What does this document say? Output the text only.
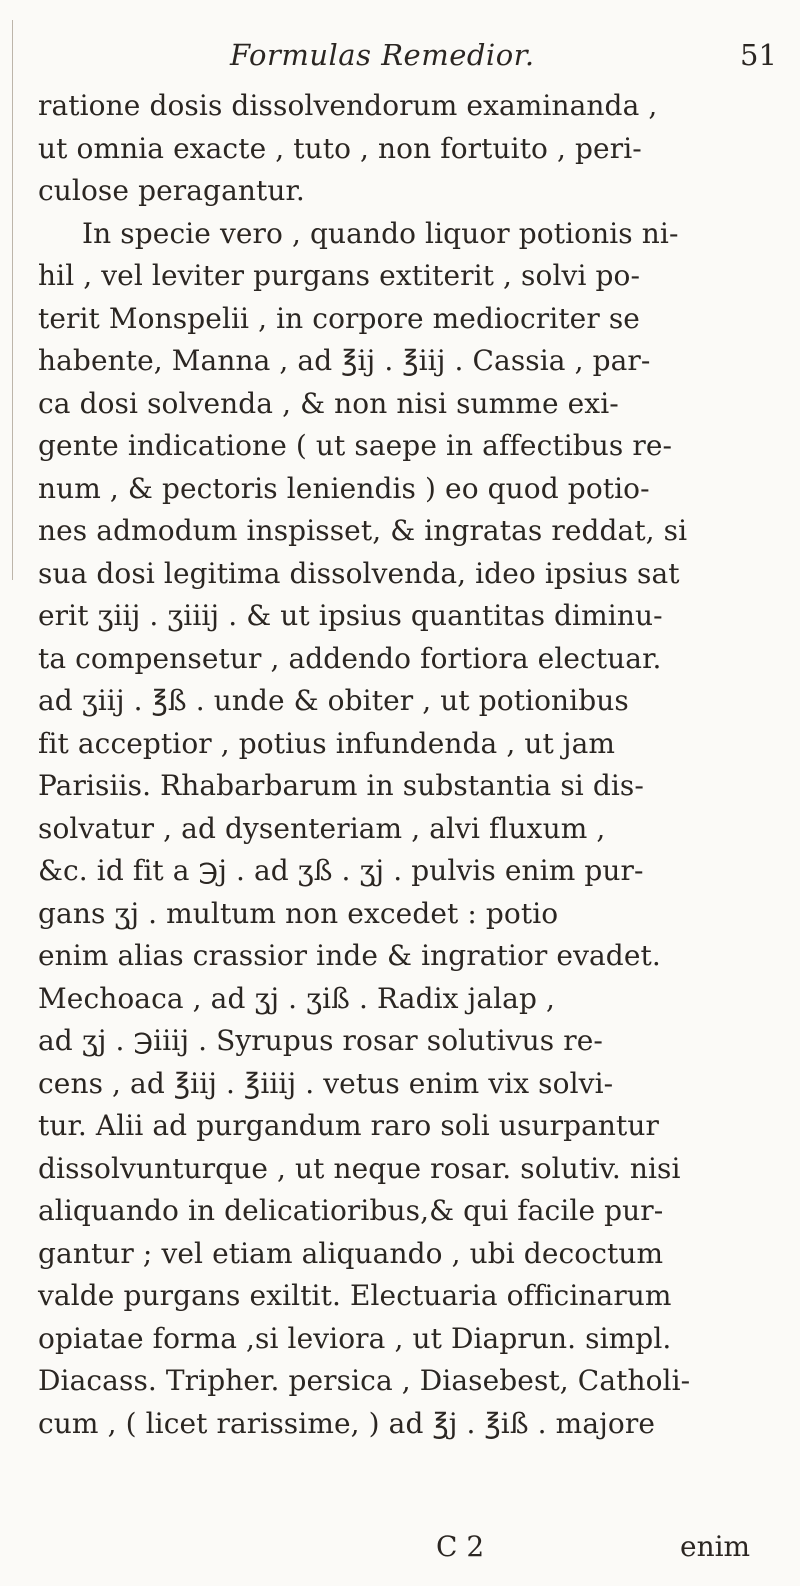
Formulas Remedior.	51
ratione dosis dissolvendorum examinanda ,
ut omnia exacte , tuto , non fortuito , peri-
culose peragantur.
In specie vero , quando liquor potionis ni-
hil , vel leviter purgans extiterit , solvi po-
terit Monspelii , in corpore mediocriter se
habente, Manna , ad ℥ij . ℥iij . Cassia , par-
ca dosi solvenda , & non nisi summe exi-
gente indicatione ( ut saepe in affectibus re-
num , & pectoris leniendis ) eo quod potio-
nes admodum inspisset, & ingratas reddat, si
sua dosi legitima dissolvenda, ideo ipsius sat
erit ʒiij . ʒiiij . & ut ipsius quantitas diminu-
ta compensetur , addendo fortiora electuar.
ad ʒiij . ℥ß . unde & obiter , ut potionibus
fit acceptior , potius infundenda , ut jam
Parisiis. Rhabarbarum in substantia si dis-
solvatur , ad dysenteriam , alvi fluxum ,
&c. id fit a ℈j . ad ʒß . ʒj . pulvis enim pur-
gans ʒj . multum non excedet : potio
enim alias crassior inde & ingratior evadet.
Mechoaca , ad ʒj . ʒiß . Radix jalap ,
ad ʒj . ℈iiij . Syrupus rosar solutivus re-
cens , ad ℥iij . ℥iiij . vetus enim vix solvi-
tur. Alii ad purgandum raro soli usurpantur
dissolvunturque , ut neque rosar. solutiv. nisi
aliquando in delicatioribus,& qui facile pur-
gantur ; vel etiam aliquando , ubi decoctum
valde purgans exiltit. Electuaria officinarum
opiatae forma ,si leviora , ut Diaprun. simpl.
Diacass. Tripher. persica , Diasebest, Catholi-
cum , ( licet rarissime, ) ad ℥j . ℥iß . majore
C 2	enim
